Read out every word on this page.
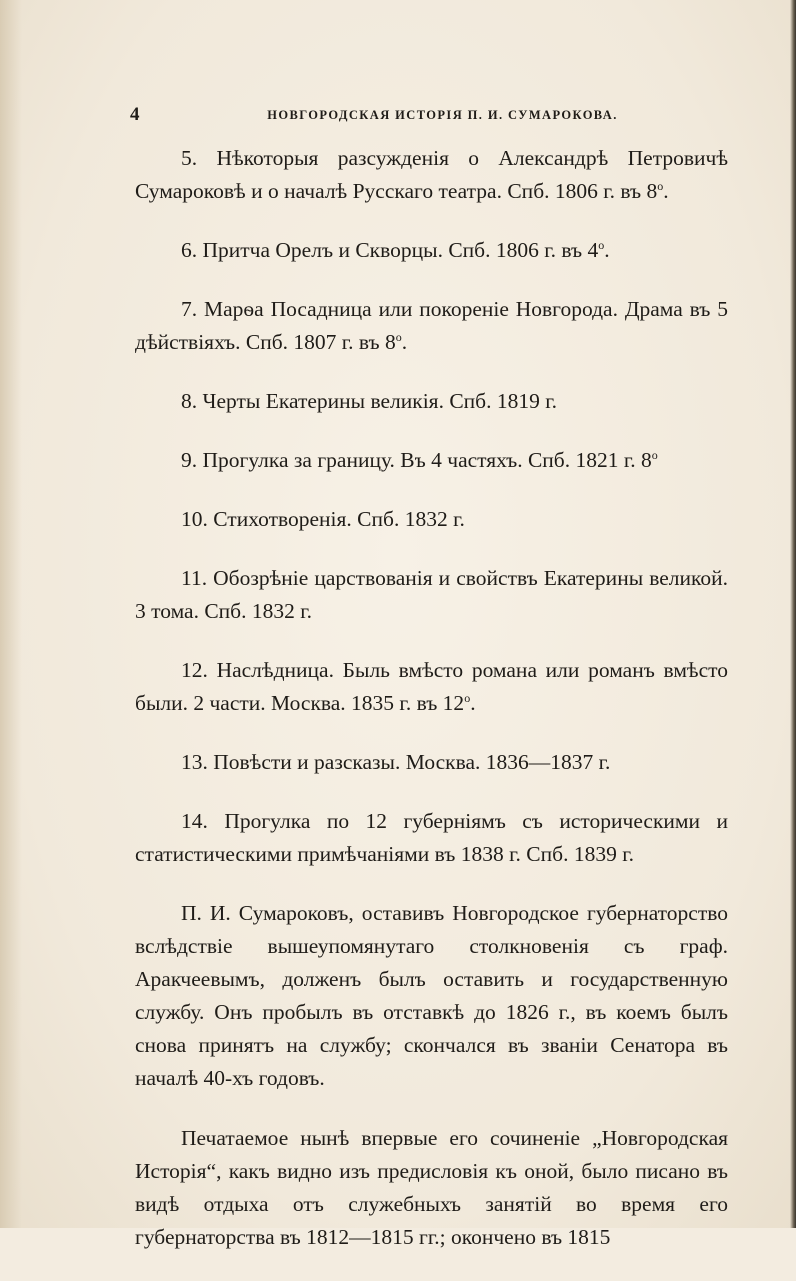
4	НОВГОРОДСКАЯ ИСТОРІЯ П. И. СУМАРОКОВА.

5. Нѣкоторыя разсужденія о Александрѣ Петровичѣ Сумароковѣ и о началѣ Русскаго театра. Спб. 1806 г. въ $8^о$.

6. Притча Орелъ и Скворцы. Спб. 1806 г. въ $4^о$.

7. Марѳа Посадница или покореніе Новгорода. Драма въ 5 дѣйствіяхъ. Спб. 1807 г. въ $8^о$.

8. Черты Екатерины великія. Спб. 1819 г.

9. Прогулка за границу. Въ 4 частяхъ. Спб. 1821 г. $8^о$

10. Стихотворенія. Спб. 1832 г.

11. Обозрѣніе царствованія и свойствъ Екатерины великой. 3 тома. Спб. 1832 г.

12. Наслѣдница. Быль вмѣсто романа или романъ вмѣсто были. 2 части. Москва. 1835 г. въ $12^о$.

13. Повѣсти и разсказы. Москва. 1836—1837 г.

14. Прогулка по 12 губерніямъ съ историческими и статистическими примѣчаніями въ 1838 г. Спб. 1839 г.

П. И. Сумароковъ, оставивъ Новгородское губернаторство вслѣдствіе вышеупомянутаго столкновенія съ граф. Аракчеевымъ, долженъ былъ оставить и государственную службу. Онъ пробылъ въ отставкѣ до 1826 г., въ коемъ былъ снова принятъ на службу; скончался въ званіи Сенатора въ началѣ 40-хъ годовъ.

Печатаемое нынѣ впервые его сочиненіе „Новгородская Исторія“, какъ видно изъ предисловія къ оной, было писано въ видѣ отдыха отъ служебныхъ занятій во время его губернаторства въ 1812—1815 гг.; окончено въ 1815
